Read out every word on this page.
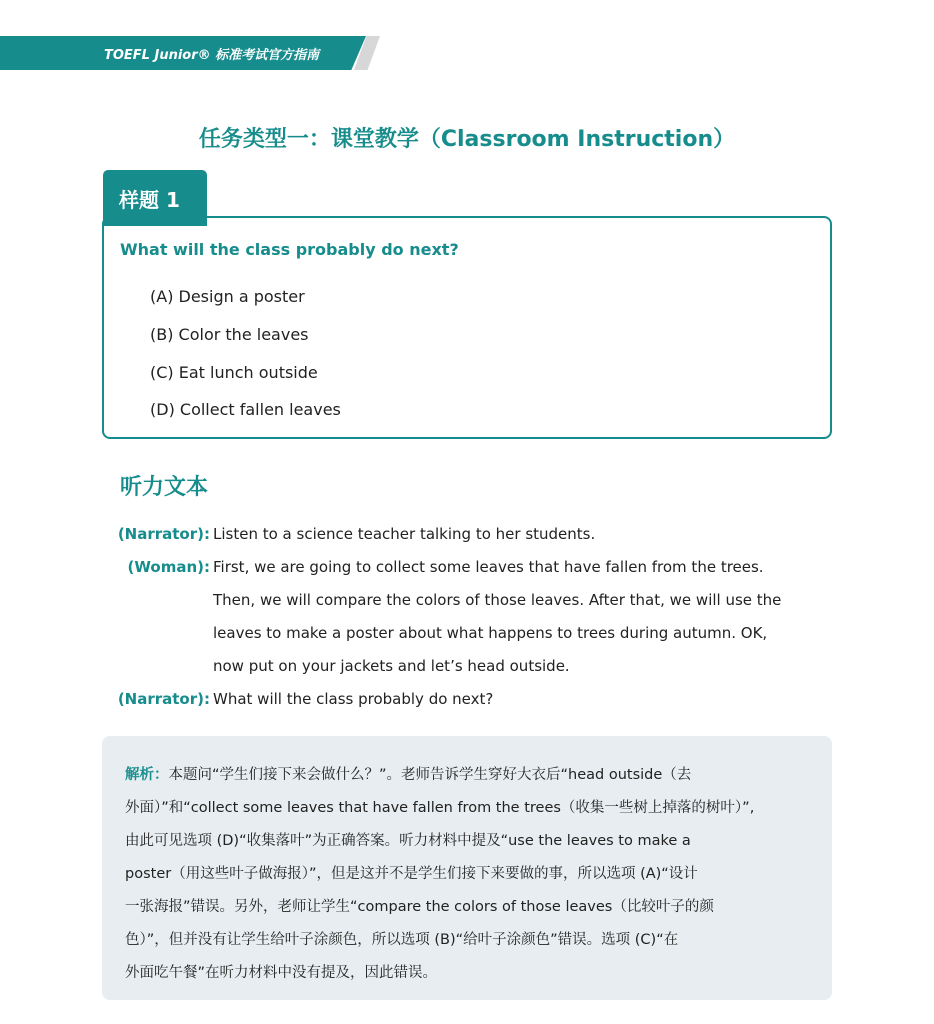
TOEFL Junior® 标准考试官方指南
任务类型一：课堂教学（Classroom Instruction）
样题 1
What will the class probably do next?
(A) Design a poster
(B) Color the leaves
(C) Eat lunch outside
(D) Collect fallen leaves
听力文本
(Narrator): Listen to a science teacher talking to her students.
(Woman): First, we are going to collect some leaves that have fallen from the trees.
Then, we will compare the colors of those leaves. After that, we will use the
leaves to make a poster about what happens to trees during autumn. OK,
now put on your jackets and let’s head outside.
(Narrator): What will the class probably do next?
解析：本题问“学生们接下来会做什么？”。老师告诉学生穿好大衣后“head outside（去
外面）”和“collect some leaves that have fallen from the trees（收集一些树上掉落的树叶）”,
由此可见选项 (D)“收集落叶”为正确答案。听力材料中提及“use the leaves to make a
poster（用这些叶子做海报）”，但是这并不是学生们接下来要做的事，所以选项 (A)“设计
一张海报”错误。另外，老师让学生“compare the colors of those leaves（比较叶子的颜
色）”，但并没有让学生给叶子涂颜色，所以选项 (B)“给叶子涂颜色”错误。选项 (C)“在
外面吃午餐”在听力材料中没有提及，因此错误。
